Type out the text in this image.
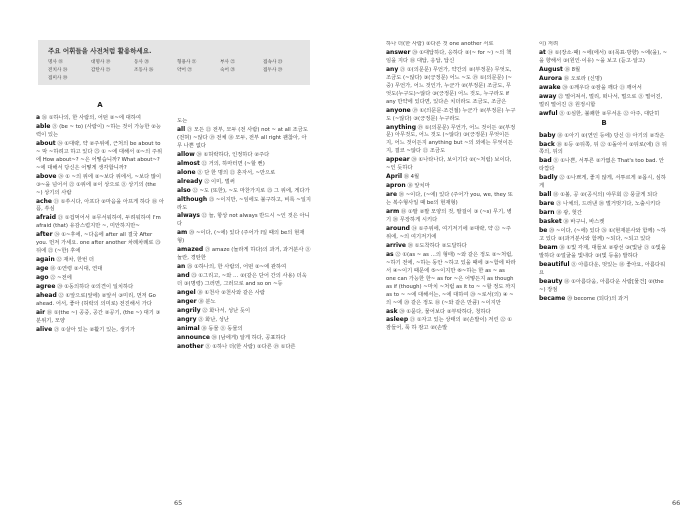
주요 어휘들을 사전처럼 활용하세요.
명사 ⑱	대명사 ⑲	동사 ⑳	형용사 ㉑	부사 ㉒	접속사 ㉓
전치사 ㉔	감탄사 ㉕	조동사 ㉖	약어 ㉗	숙어 ㉘	접두사 ㉙
접미사 ㉚
A

a ㉖ ①하나의, 한 사람의, 어떤 ②~에 대하여

able ㉑ (be ~ to) (사람이) ~하는 것이 가능한 ②능력이 있는

about ㉔ ①대략, 약 ②주위에, 근처의 be about to ~ 막 ~하려고 하고 있다 ㉕ ① ~에 대해서 ②~의 주위에 How about~? ~은 어떻습니까? What about~? ~에 대해서 당신은 어떻게 생각합니까?

above ㉔ ① ~의 위에 ②~보다 위에서, ~보다 많이 ③~을 넘어서 ㉒ ①위에 ②이 상으로 ㉑ 상기의 (the ~) 상기의 사람

ache ㉑ ①쑤시다, 아프다 ②마음을 아프게 하다 ⑱ 아픔, 쑤심

afraid ㉑ ①겁먹어서 ②무서워하여, 두려워하여 I'm afraid (that) 유감스럽지만 ~, 미안하지만~

after ㉔ ①~후에, ~다음에 after all 결국 After you. 먼저 가세요. one after another 차례차례로 ㉓ 뒤에 ㉒ (~한) 후에

again ㉒ 재차, 한번 더

age ⑱ ①연령 ②시대, 연대

ago ㉒ ~전에

agree ⑳ ①동의하다 ②의견이 일치하다

ahead ㉒ ①앞으로(앞에) ②앞서 ③미리, 먼저 Go ahead. 어서, 좋아 (허락의 의미로) 전진해서 가다

air ⑱ ①(the ~) 공중, 공간 ②공기, (the ~) 대기 ③분위기, 모양

alive ㉑ ①살아 있는 ②활기 있는, 생기가

도는

all ㉑ 모든 ㉒ 전부, 모두 (전 사람) not ~ at all 조금도(전혀) ~않다 ⑲ 전체 ⑱ 모두, 전부 all right 괜찮아, 아무 나쁜 없다

allow ⑳ ①허락하다, 인정하다 ②주다

almost ㉒ 거의, 하마터면 (~할 뻔)

alone ㉑ 단 한 명의 ㉒ 혼자서, ~만으로

already ㉒ 이미, 벌써

also ㉒ ~도 (또한), ~도 마찬가지로 ㉓ 그 위에, 게다가

although ㉓ ~이지만, ~임에도 불구하고, 비록 ~일지라도

always ㉒ 늘, 항상 not always 반드시 ~인 것은 아니다

am ⑳ ~이다, (~에) 있다 (주어가 I일 때의 be의 현재형)

amazed ㉑ amaze (놀라게 하다)의 과거, 과거분사 ㉑ 놀란, 경탄한

an ㉖ ①하나의, 한 사람의, 어떤 ②~에 관하여

and ㉓ ①그리고, ~와 … ②(같은 단어 간의 사용) 더욱더 ③(명령) 그러면, 그러므로 and so on ~등

angel ⑱ ①천사 ②천사와 같은 사람

anger ⑱ 분노

angrily ㉒ 화나서, 성난 듯이

angry ㉑ 화난, 성난

animal ⑱ 동물 ㉑ 동물의

announce ⑳ (남에게) 알게 하다, 공표하다

another ㉑ ①하나 더(한 사람) ②다른 ⑲ ①다른

65

하나 더(한 사람) ②다른 것 one another 서로

answer ⑳ ①대답하다, 응하다 ②(~ for ~) ~의 책임을 지다 ⑱ 대답, 응답, 답신

any ㉑ ①(의문문) 무언가, 약간의 ②(부정문) 무엇도, 조금도 (~않다) ③(긍정문) 어느 ~도 ⑲ ①(의문문) (~중) 무언가, 어느 것인가, 누군가 ②(부정문) 조금도, 무엇도(누구도)~않다 ③(긍정문) 어느 것도, 누구라도 if any 만약에 있다면, 있다손 치더라도 조금도, 조금은

anyone ⑲ ①(의문문·조건절) 누군가 ②(부정문) 누구도 (~않다) ③(긍정문) 누구라도

anything ⑲ ①(의문문) 무언가, 어느 것이든 ②(부정문) 아무것도, 어느 것도 (~않다) ③(긍정문) 무엇이든지, 어느 것이든지 anything but ~의 외에는 무엇이든지, 결코 ~않다 ㉒ 조금도

appear ⑳ ①나타나다, 보이기다 ②(~처럼) 보이다, ~인 듯하다

April ⑱ 4월

apron ⑱ 앞치마

are ⑳ ~이다, (~에) 있다 (주어가 you, we, they 또는 복수형사일 때 be의 현재형)

arm ⑱ ①팔 ②팔 모양의 것, 팔걸이 ③ (~s) 무기, 병기 ⑳ 무장하게 시키다

around ㉔ ①주위에, 여기저기에 ②대략, 약 ㉒ ~주위에, ~의 여기저기에

arrive ⑳ ①도착하다 ②도달하다

as ㉒ ①(as ~ as …의 형태) ~와 같은 정도 ②~처럼, ~하기 전에, ~하는 동안 ~하고 있을 때에 ③~함에 따라서 ④~이기 때문에 ⑤~이지만 ⑥~하는 한 as ~ as one can 가능한 한~ as for ~은 어떻든지 as though as if (though) ~마치 ~처럼 as it to ~ ~할 정도 까지 as to ~ ~에 대해서는, ~에 대하여 ⑳ ~로서(의) ④ ~의 ~에 ⑳ 같은 정도 ⑱ (~와 같은 만큼) ~이지만

ask ⑳ ①묻다, 물어보다 ②부탁하다, 청하다

asleep ㉑ ①자고 있는 상태의 ②(손발이) 저린 ㉒ ①잠들어, 푹 하 잠고 ②(손발

이) 저려

at ㉔ ①(장소·때) ~에(에서) ②(목표·방향) ~에(을), ~을 향해서 ③(원인·이유) ~을 보고 (듣고·알고)

August ⑱ 8월

Aurora ⑱ 오로라 (신명)

awake ⑳ ①깨우다 ②잠을 깨다 ㉑ 깨어서

away ㉒ 떨어져서, 멀리, 떠나서, 멀으로 ㉑ 떨어진, 멀리 떨어진 ㉑ 원정시합

awful ㉑ ①심한, 불쾌한 ②무서운 ㉒ 아주, 대단히

B

baby ⑱ ①아기 ②(연인 등에) 당신 ㉑ 아기의 ②작은

back ⑱ ①등 ②뒤쪽, 뒤 ㉒ ①돌아서 ②뒤로(에) ㉑ 뒤쪽의, 뒤의

bad ㉑ ①나쁜, 서투른 ②가엾은 That's too bad. 안타깝다

badly ㉒ ①나쁘게, 좋지 않게, 서투르게 ②몹시, 심하게

ball ⑱ ①볼, 공 ②(공식의) 야무회 ㉒ 뭉글게 되다

bare ㉑ 나체의, 드러낸 ⑳ 벌거벗기다, 노출시키다

barn ⑱ 광, 헛간

basket ⑱ 바구니, 바스켓

be ⑳ ~이다, (~에) 있다 ㉖ ①(현재분사와 함께) ~하고 있다 ②(과거분사와 함께) ~되다, ~되고 있다

beam ⑱ ①빛 각재, 대들보 ②광선 ③(빛남 ㉑ ①빛을 발하다 ②얼굴을 빛내다 ③(빛 등을) 발하다

beautiful ㉑ 아름다운, 멋있는 ⑱ 좋아요, 아름다워요

beauty ⑱ ①아름다움, 아름다운 사람[물건] ②(the ~) 장점

became ⑳ become (되다)의 과거

66
